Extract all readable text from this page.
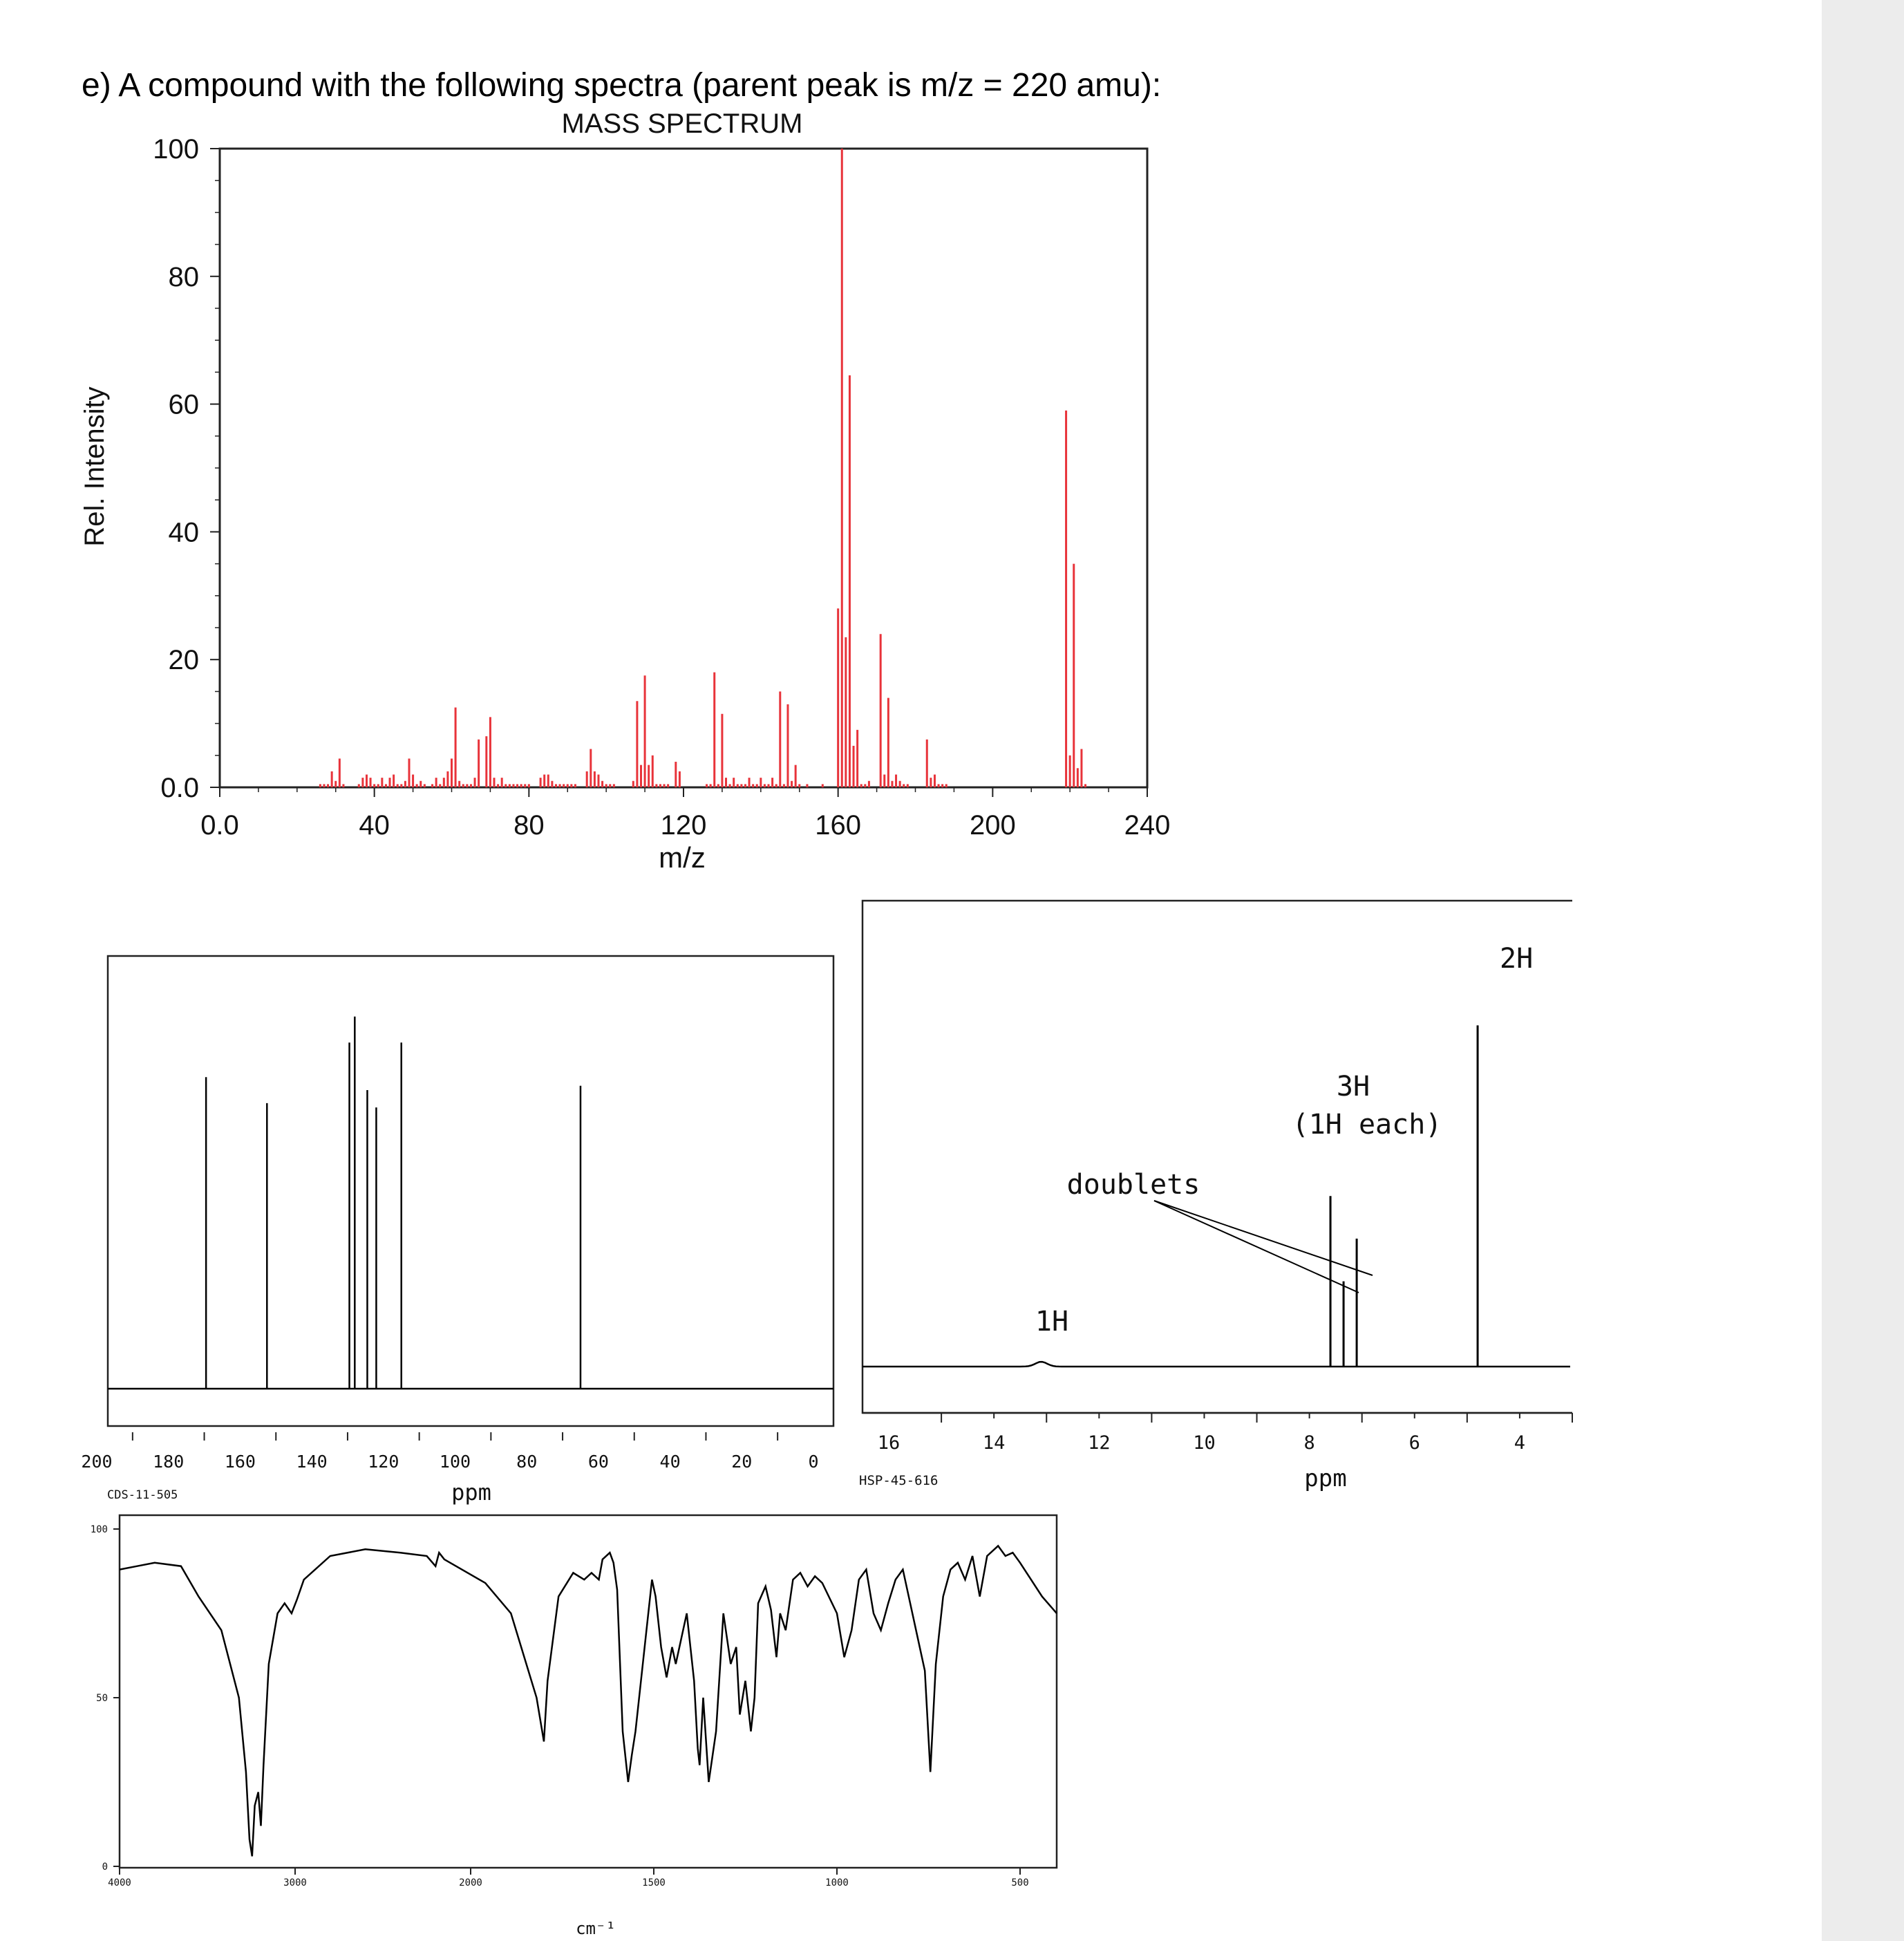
e) A compound with the following spectra (parent peak is m/z = 220 amu):
MASS SPECTRUM
Rel. Intensity
m/z
0.0	40	80	120	160	200	240
0.0
20
40
60
80
100
200 180 160 140 120 100	80	60	40	20	0
ppm
CDS-11-505
16	14	12	10	8	6	4
ppm
HSP-45-616
2H
3H
(1H each)
doublets
1H
4000	3000	2000	1500	1000	500
0
50
100
cm⁻¹
